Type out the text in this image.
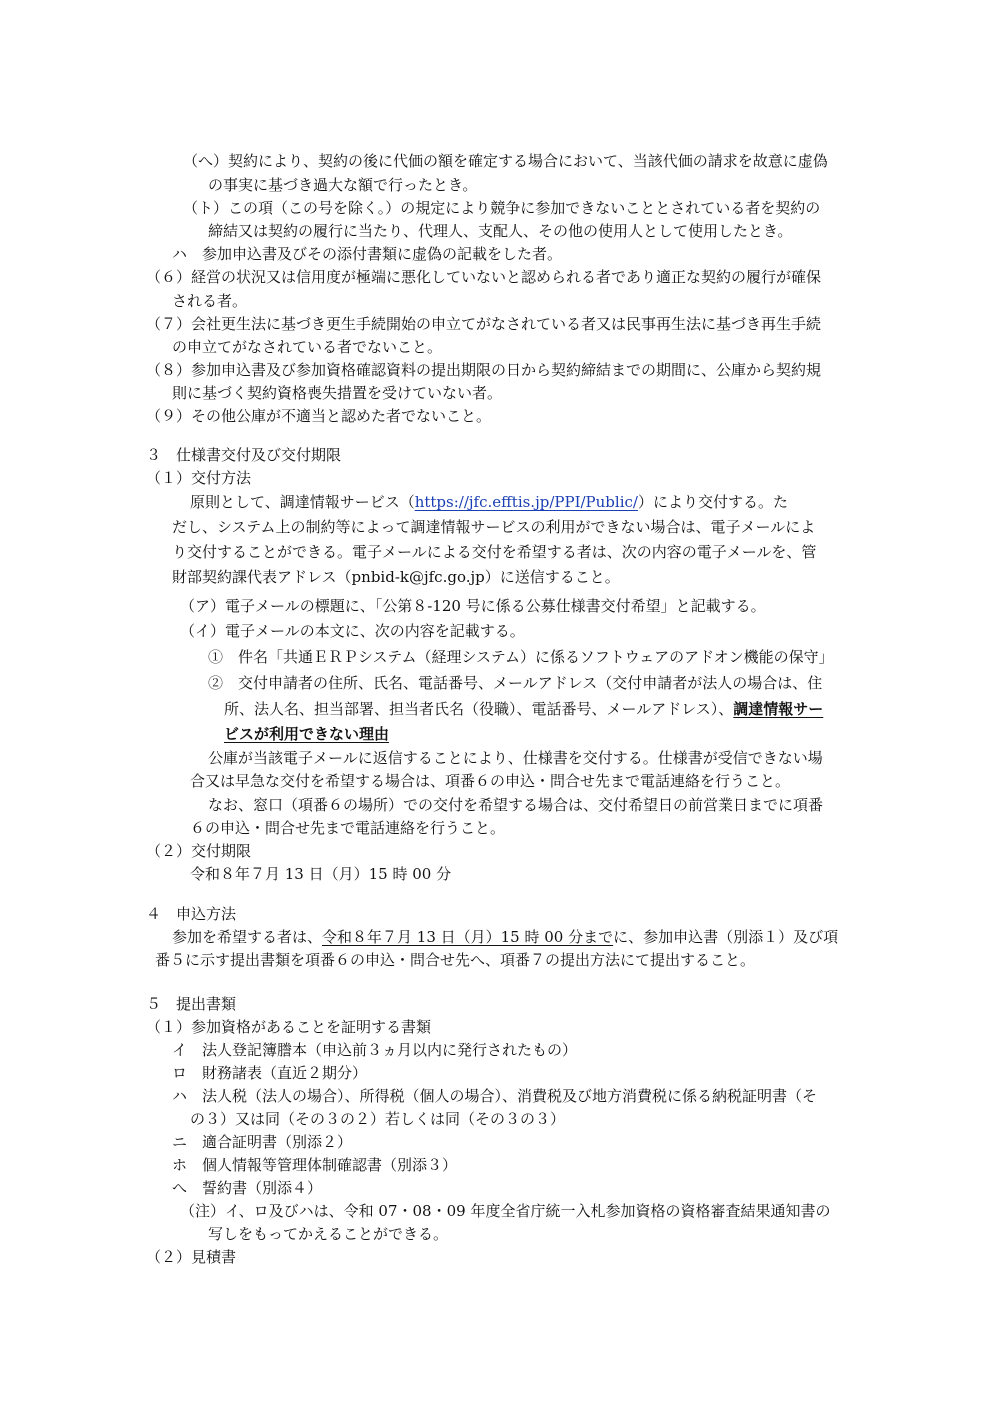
（へ）契約により、契約の後に代価の額を確定する場合において、当該代価の請求を故意に虚偽

の事実に基づき過大な額で行ったとき。

（ト）この項（この号を除く。）の規定により競争に参加できないこととされている者を契約の

締結又は契約の履行に当たり、代理人、支配人、その他の使用人として使用したとき。

ハ　参加申込書及びその添付書類に虚偽の記載をした者。

（６）経営の状況又は信用度が極端に悪化していないと認められる者であり適正な契約の履行が確保

される者。

（７）会社更生法に基づき更生手続開始の申立てがなされている者又は民事再生法に基づき再生手続

の申立てがなされている者でないこと。

（８）参加申込書及び参加資格確認資料の提出期限の日から契約締結までの期間に、公庫から契約規

則に基づく契約資格喪失措置を受けていない者。

（９）その他公庫が不適当と認めた者でないこと。

３　仕様書交付及び交付期限

（１）交付方法

原則として、調達情報サービス（https://jfc.efftis.jp/PPI/Public/）により交付する。た

だし、システム上の制約等によって調達情報サービスの利用ができない場合は、電子メールによ

り交付することができる。電子メールによる交付を希望する者は、次の内容の電子メールを、管

財部契約課代表アドレス（pnbid-k@jfc.go.jp）に送信すること。

（ア）電子メールの標題に、「公第８-120 号に係る公募仕様書交付希望」と記載する。

（イ）電子メールの本文に、次の内容を記載する。

①　件名「共通ＥＲＰシステム（経理システム）に係るソフトウェアのアドオン機能の保守」

②　交付申請者の住所、氏名、電話番号、メールアドレス（交付申請者が法人の場合は、住

所、法人名、担当部署、担当者氏名（役職）、電話番号、メールアドレス）、調達情報サー

ビスが利用できない理由

公庫が当該電子メールに返信することにより、仕様書を交付する。仕様書が受信できない場

合又は早急な交付を希望する場合は、項番６の申込・問合せ先まで電話連絡を行うこと。

なお、窓口（項番６の場所）での交付を希望する場合は、交付希望日の前営業日までに項番

６の申込・問合せ先まで電話連絡を行うこと。

（２）交付期限

令和８年７月 13 日（月）15 時 00 分

４　申込方法

参加を希望する者は、令和８年７月 13 日（月）15 時 00 分までに、参加申込書（別添１）及び項

番５に示す提出書類を項番６の申込・問合せ先へ、項番７の提出方法にて提出すること。

５　提出書類

（１）参加資格があることを証明する書類

イ　法人登記簿謄本（申込前３ヵ月以内に発行されたもの）

ロ　財務諸表（直近２期分）

ハ　法人税（法人の場合）、所得税（個人の場合）、消費税及び地方消費税に係る納税証明書（そ

の３）又は同（その３の２）若しくは同（その３の３）

ニ　適合証明書（別添２）

ホ　個人情報等管理体制確認書（別添３）

へ　誓約書（別添４）

（注）イ、ロ及びハは、令和 07・08・09 年度全省庁統一入札参加資格の資格審査結果通知書の

写しをもってかえることができる。

（２）見積書
